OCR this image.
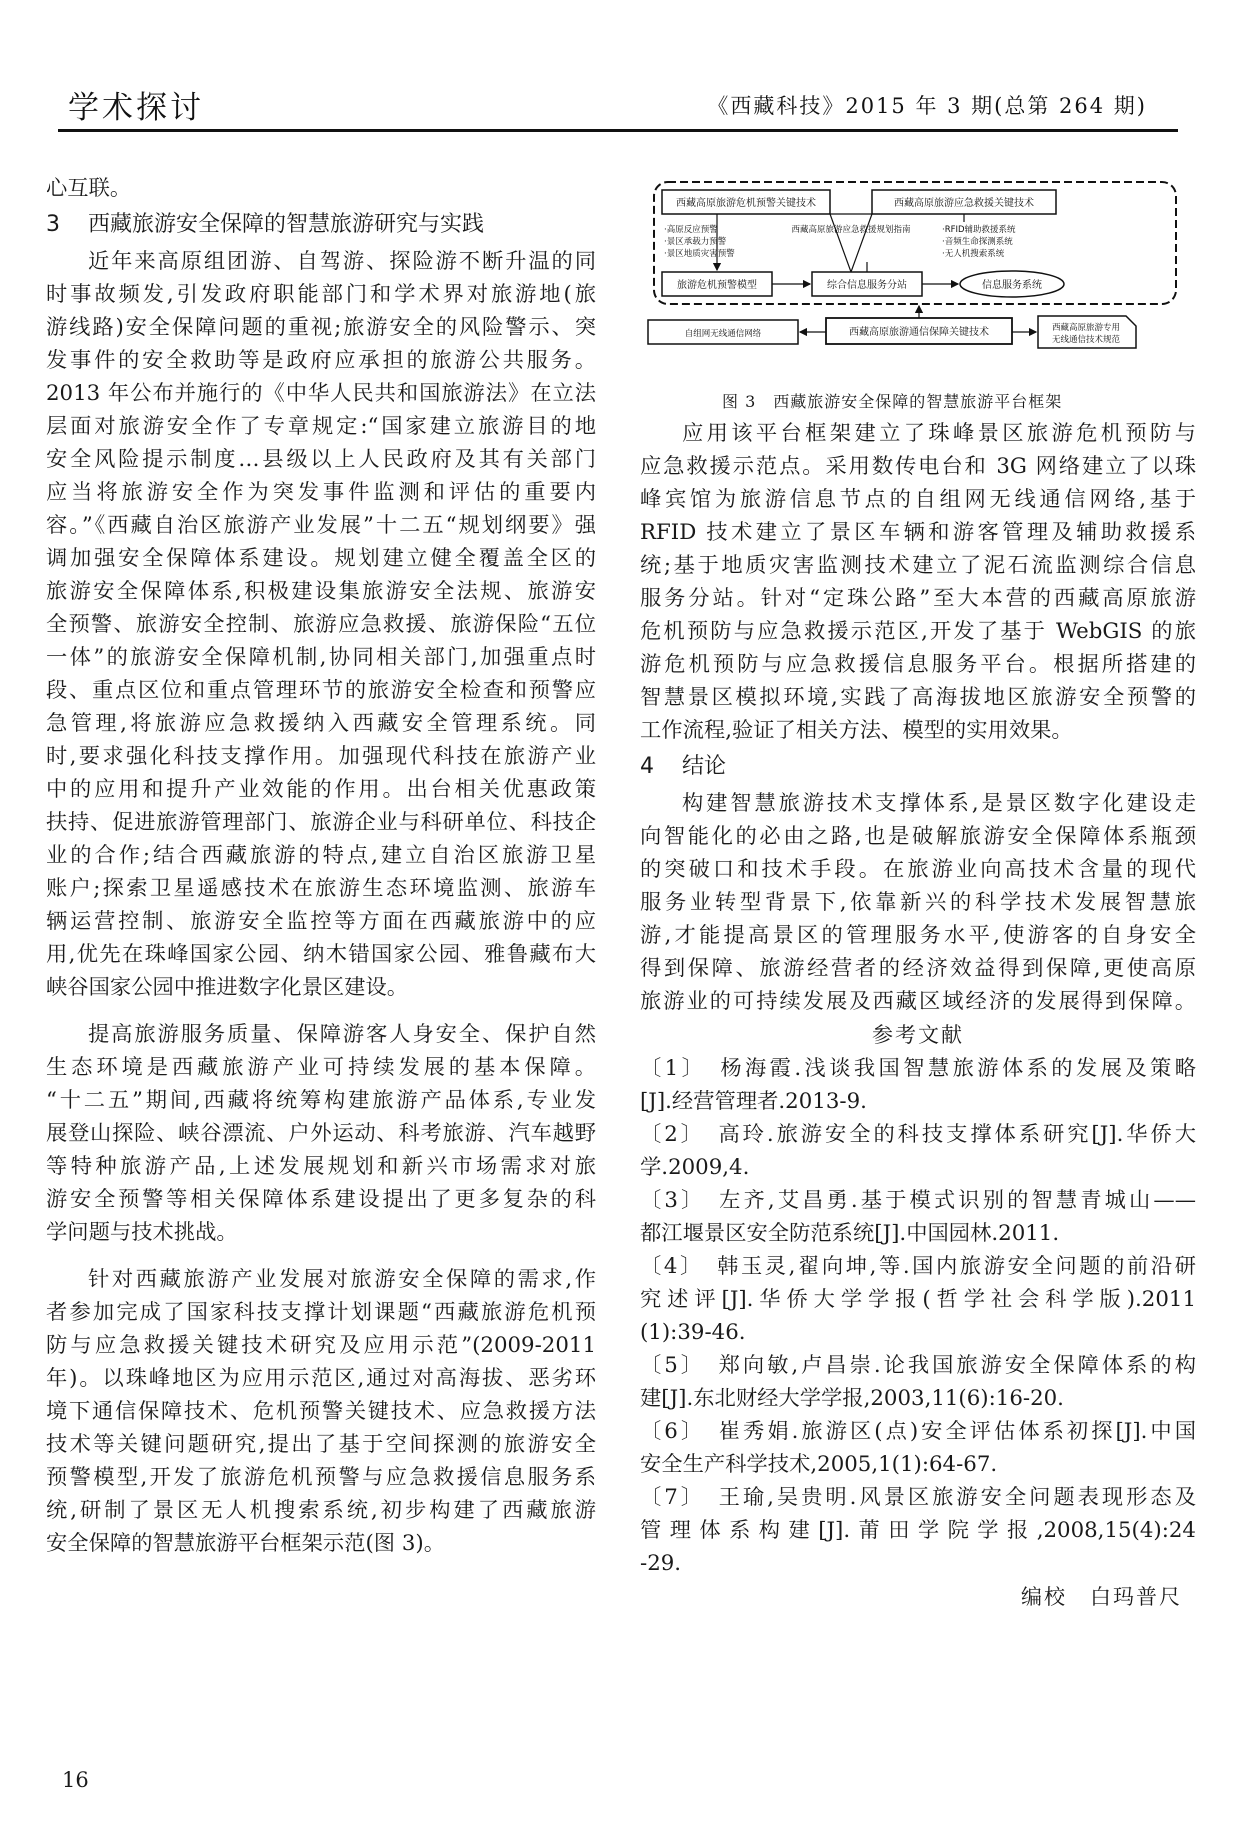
学术探讨	《西藏科技》2015 年 3 期(总第 264 期)
心互联。
3 西藏旅游安全保障的智慧旅游研究与实践
近年来高原组团游、自驾游、探险游不断升温的同
时事故频发,引发政府职能部门和学术界对旅游地(旅
游线路)安全保障问题的重视;旅游安全的风险警示、突
发事件的安全救助等是政府应承担的旅游公共服务。
2013 年公布并施行的《中华人民共和国旅游法》在立法
层面对旅游安全作了专章规定:“国家建立旅游目的地
安全风险提示制度…县级以上人民政府及其有关部门
应当将旅游安全作为突发事件监测和评估的重要内
容。”《西藏自治区旅游产业发展”十二五“规划纲要》强
调加强安全保障体系建设。规划建立健全覆盖全区的
旅游安全保障体系,积极建设集旅游安全法规、旅游安
全预警、旅游安全控制、旅游应急救援、旅游保险“五位
一体”的旅游安全保障机制,协同相关部门,加强重点时
段、重点区位和重点管理环节的旅游安全检查和预警应
急管理,将旅游应急救援纳入西藏安全管理系统。同
时,要求强化科技支撑作用。加强现代科技在旅游产业
中的应用和提升产业效能的作用。出台相关优惠政策
扶持、促进旅游管理部门、旅游企业与科研单位、科技企
业的合作;结合西藏旅游的特点,建立自治区旅游卫星
账户;探索卫星遥感技术在旅游生态环境监测、旅游车
辆运营控制、旅游安全监控等方面在西藏旅游中的应
用,优先在珠峰国家公园、纳木错国家公园、雅鲁藏布大
峡谷国家公园中推进数字化景区建设。
提高旅游服务质量、保障游客人身安全、保护自然
生态环境是西藏旅游产业可持续发展的基本保障。
“十二五”期间,西藏将统筹构建旅游产品体系,专业发
展登山探险、峡谷漂流、户外运动、科考旅游、汽车越野
等特种旅游产品,上述发展规划和新兴市场需求对旅
游安全预警等相关保障体系建设提出了更多复杂的科
学问题与技术挑战。
针对西藏旅游产业发展对旅游安全保障的需求,作
者参加完成了国家科技支撑计划课题“西藏旅游危机预
防与应急救援关键技术研究及应用示范”(2009-2011
年)。以珠峰地区为应用示范区,通过对高海拔、恶劣环
境下通信保障技术、危机预警关键技术、应急救援方法
技术等关键问题研究,提出了基于空间探测的旅游安全
预警模型,开发了旅游危机预警与应急救援信息服务系
统,研制了景区无人机搜索系统,初步构建了西藏旅游
安全保障的智慧旅游平台框架示范(图 3)。
西藏高原旅游危机预警关键技术	西藏高原旅游应急救援关键技术
西藏高原旅游应急救援规划指南
·高原反应预警
·景区承载力预警
·景区地质灾害预警
·RFID辅助救援系统
·音频生命探测系统
·无人机搜索系统
旅游危机预警模型	综合信息服务分站	信息服务系统
自组网无线通信网络	西藏高原旅游通信保障关键技术	西藏高原旅游专用
无线通信技术规范
图 3　西藏旅游安全保障的智慧旅游平台框架
应用该平台框架建立了珠峰景区旅游危机预防与
应急救援示范点。采用数传电台和 3G 网络建立了以珠
峰宾馆为旅游信息节点的自组网无线通信网络,基于
RFID 技术建立了景区车辆和游客管理及辅助救援系
统;基于地质灾害监测技术建立了泥石流监测综合信息
服务分站。针对“定珠公路”至大本营的西藏高原旅游
危机预防与应急救援示范区,开发了基于 WebGIS 的旅
游危机预防与应急救援信息服务平台。根据所搭建的
智慧景区模拟环境,实践了高海拔地区旅游安全预警的
工作流程,验证了相关方法、模型的实用效果。
4 结论
构建智慧旅游技术支撑体系,是景区数字化建设走
向智能化的必由之路,也是破解旅游安全保障体系瓶颈
的突破口和技术手段。在旅游业向高技术含量的现代
服务业转型背景下,依靠新兴的科学技术发展智慧旅
游,才能提高景区的管理服务水平,使游客的自身安全
得到保障、旅游经营者的经济效益得到保障,更使高原
旅游业的可持续发展及西藏区域经济的发展得到保障。
参考文献
〔1〕　杨海霞.浅谈我国智慧旅游体系的发展及策略
[J].经营管理者.2013-9.
〔2〕　高玲.旅游安全的科技支撑体系研究[J].华侨大
学.2009,4.
〔3〕　左齐,艾昌勇.基于模式识别的智慧青城山——
都江堰景区安全防范系统[J].中国园林.2011.
〔4〕　韩玉灵,翟向坤,等.国内旅游安全问题的前沿研
究述评[J].华侨大学学报(哲学社会科学版).2011
(1):39-46.
〔5〕　郑向敏,卢昌崇.论我国旅游安全保障体系的构
建[J].东北财经大学学报,2003,11(6):16-20.
〔6〕　崔秀娟.旅游区(点)安全评估体系初探[J].中国
安全生产科学技术,2005,1(1):64-67.
〔7〕　王瑜,吴贵明.风景区旅游安全问题表现形态及
管理体系构建[J].莆田学院学报,2008,15(4):24
-29.
编校　白玛普尺
16
